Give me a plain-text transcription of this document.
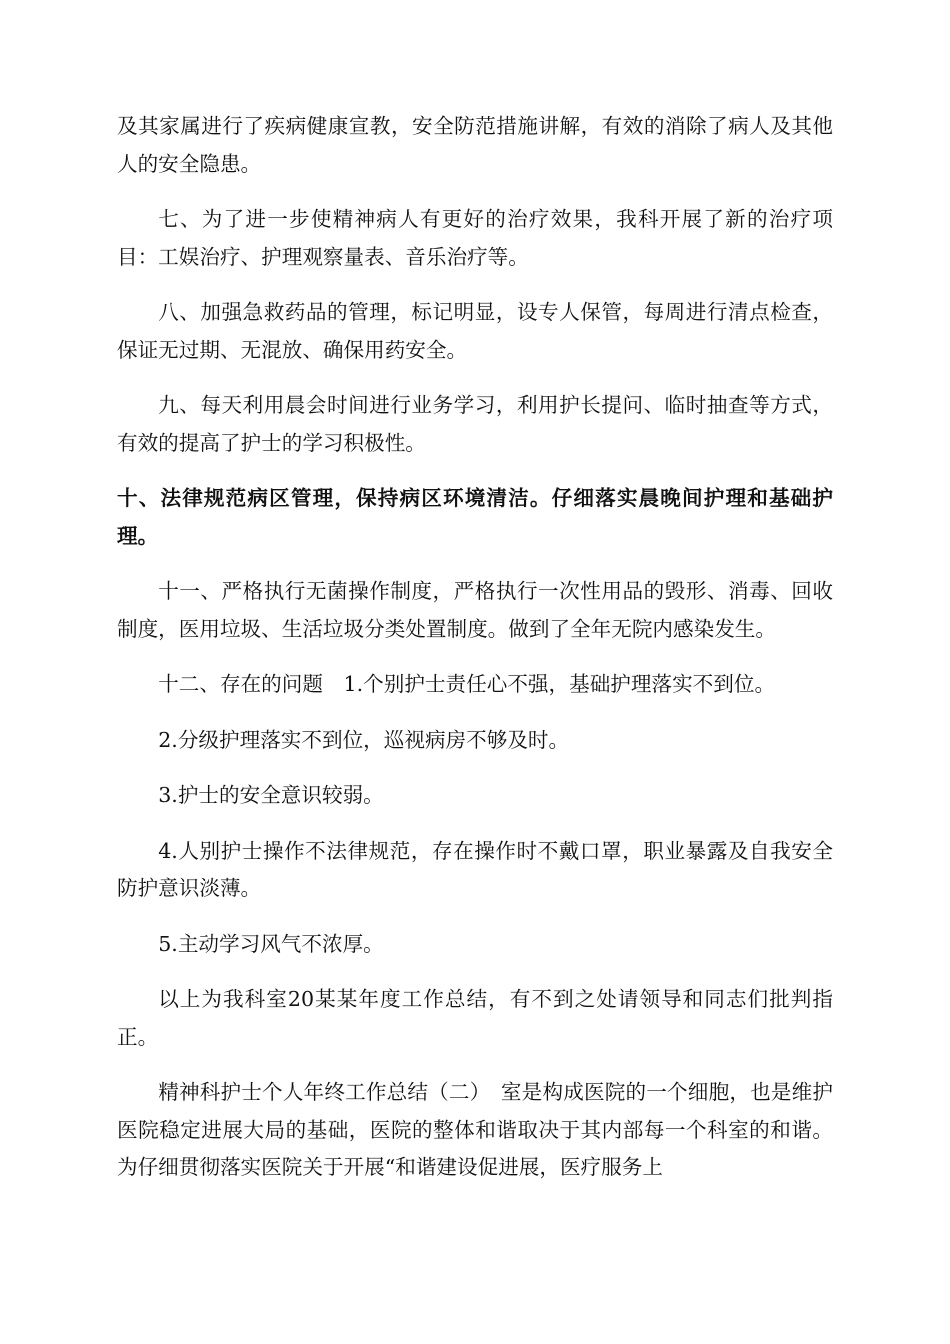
及其家属进行了疾病健康宣教，安全防范措施讲解，有效的消除了病人及其他人的安全隐患。

七、为了进一步使精神病人有更好的治疗效果，我科开展了新的治疗项目：工娱治疗、护理观察量表、音乐治疗等。

八、加强急救药品的管理，标记明显，设专人保管，每周进行清点检查，保证无过期、无混放、确保用药安全。

九、每天利用晨会时间进行业务学习，利用护长提问、临时抽查等方式，有效的提高了护士的学习积极性。

十、法律规范病区管理，保持病区环境清洁。仔细落实晨晚间护理和基础护理。

十一、严格执行无菌操作制度，严格执行一次性用品的毁形、消毒、回收制度，医用垃圾、生活垃圾分类处置制度。做到了全年无院内感染发生。

十二、存在的问题　1.个别护士责任心不强，基础护理落实不到位。

2.分级护理落实不到位，巡视病房不够及时。

3.护士的安全意识较弱。

4.人别护士操作不法律规范，存在操作时不戴口罩，职业暴露及自我安全防护意识淡薄。

5.主动学习风气不浓厚。

以上为我科室20某某年度工作总结，有不到之处请领导和同志们批判指正。

精神科护士个人年终工作总结（二）　室是构成医院的一个细胞，也是维护医院稳定进展大局的基础，医院的整体和谐取决于其内部每一个科室的和谐。为仔细贯彻落实医院关于开展“和谐建设促进展，医疗服务上
